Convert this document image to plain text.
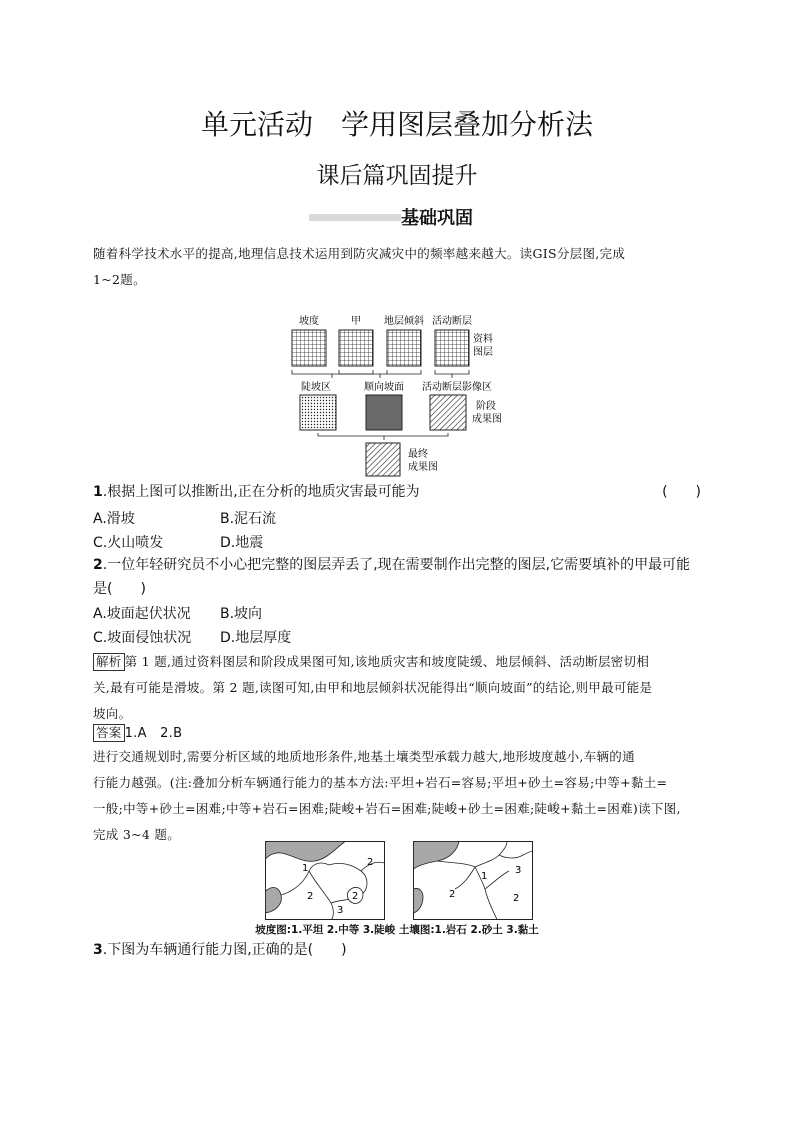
单元活动　学用图层叠加分析法
课后篇巩固提升
基础巩固
随着科学技术水平的提高,地理信息技术运用到防灾减灾中的频率越来越大。读GIS分层图,完成
1~2题。
坡度	甲 地层倾斜 活动断层
资料
图层
陡坡区	顺向坡面 活动断层影像区
阶段
成果图
最终
成果图
1.根据上图可以推断出,正在分析的地质灾害最可能为	(　　)
A.滑坡	B.泥石流
C.火山喷发	D.地震
2.一位年轻研究员不小心把完整的图层弄丢了,现在需要制作出完整的图层,它需要填补的甲最可能
是(　　)
A.坡面起伏状况 B.坡向
C.坡面侵蚀状况 D.地层厚度
解析 第 1 题,通过资料图层和阶段成果图可知,该地质灾害和坡度陡缓、地层倾斜、活动断层密切相
关,最有可能是滑坡。第 2 题,读图可知,由甲和地层倾斜状况能得出“顺向坡面”的结论,则甲最可能是
坡向。
答案 1.A　2.B
进行交通规划时,需要分析区域的地质地形条件,地基土壤类型承载力越大,地形坡度越小,车辆的通
行能力越强。(注:叠加分析车辆通行能力的基本方法:平坦+岩石=容易;平坦+砂土=容易;中等+黏土=
一般;中等+砂土=困难;中等+岩石=困难;陡峻+岩石=困难;陡峻+砂土=困难;陡峻+黏土=困难)读下图,
完成 3~4 题。
1
2
2
3
2
1
2	2
3
坡度图:1.平坦 2.中等 3.陡峻 土壤图:1.岩石 2.砂土 3.黏土
3.下图为车辆通行能力图,正确的是(　　)
